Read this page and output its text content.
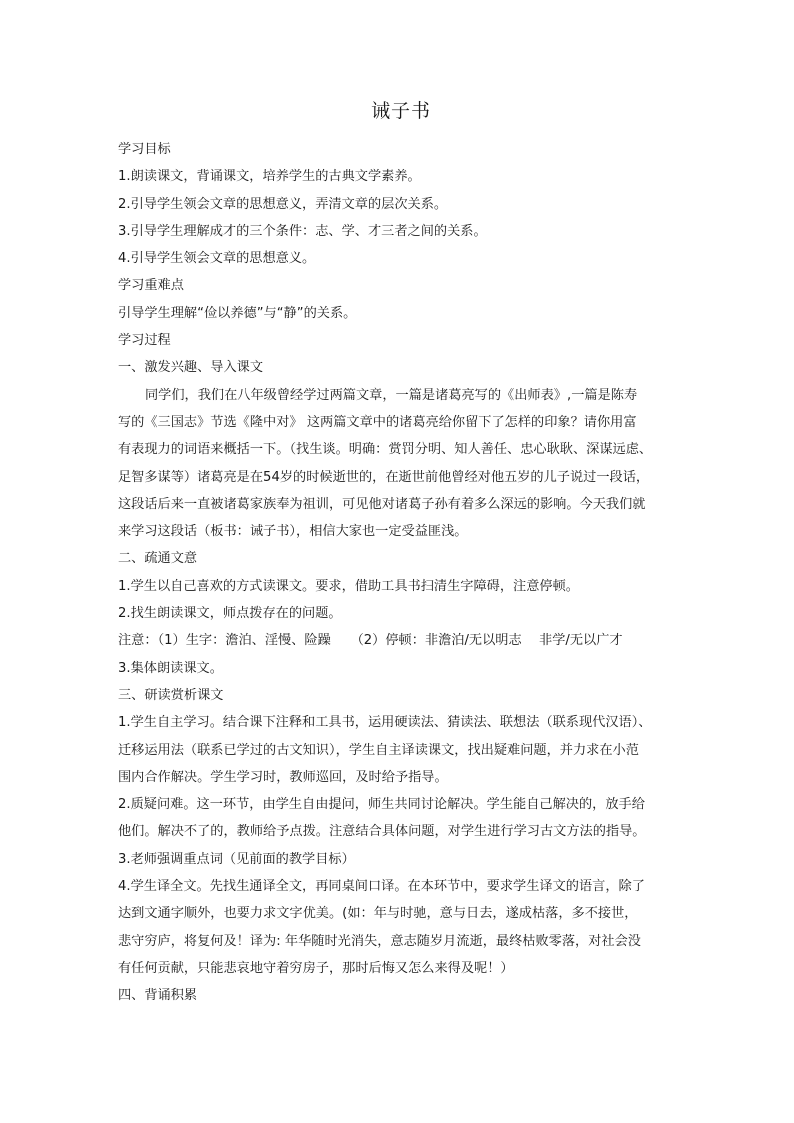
诫子书
学习目标
1.朗读课文，背诵课文，培养学生的古典文学素养。
2.引导学生领会文章的思想意义，弄清文章的层次关系。
3.引导学生理解成才的三个条件：志、学、才三者之间的关系。
4.引导学生领会文章的思想意义。
学习重难点
引导学生理解“俭以养德”与“静”的关系。
学习过程
一、激发兴趣、导入课文
同学们，我们在八年级曾经学过两篇文章，一篇是诸葛亮写的《出师表》,一篇是陈寿
写的《三国志》节选《隆中对》 这两篇文章中的诸葛亮给你留下了怎样的印象？请你用富
有表现力的词语来概括一下。（找生谈。明确：赏罚分明、知人善任、忠心耿耿、深谋远虑、
足智多谋等）诸葛亮是在54岁的时候逝世的，在逝世前他曾经对他五岁的儿子说过一段话，
这段话后来一直被诸葛家族奉为祖训，可见他对诸葛子孙有着多么深远的影响。今天我们就
来学习这段话（板书：诫子书），相信大家也一定受益匪浅。
二、疏通文意
1.学生以自己喜欢的方式读课文。要求，借助工具书扫清生字障碍，注意停顿。
2.找生朗读课文，师点拨存在的问题。
注意：（1）生字：澹泊、淫慢、险躁　　（2）停顿：非澹泊/无以明志　 非学/无以广才
3.集体朗读课文。
三、研读赏析课文
1.学生自主学习。结合课下注释和工具书，运用硬读法、猜读法、联想法（联系现代汉语）、
迁移运用法（联系已学过的古文知识），学生自主译读课文，找出疑难问题，并力求在小范
围内合作解决。学生学习时，教师巡回，及时给予指导。
2.质疑问难。这一环节，由学生自由提问，师生共同讨论解决。学生能自己解决的，放手给
他们。解决不了的，教师给予点拨。注意结合具体问题，对学生进行学习古文方法的指导。
3.老师强调重点词（见前面的教学目标）
4.学生译全文。先找生通译全文，再同桌间口译。在本环节中，要求学生译文的语言，除了
达到文通字顺外，也要力求文字优美。(如：年与时驰，意与日去，遂成枯落，多不接世，
悲守穷庐，将复何及！译为: 年华随时光消失，意志随岁月流逝，最终枯败零落，对社会没
有任何贡献，只能悲哀地守着穷房子，那时后悔又怎么来得及呢！）
四、背诵积累
